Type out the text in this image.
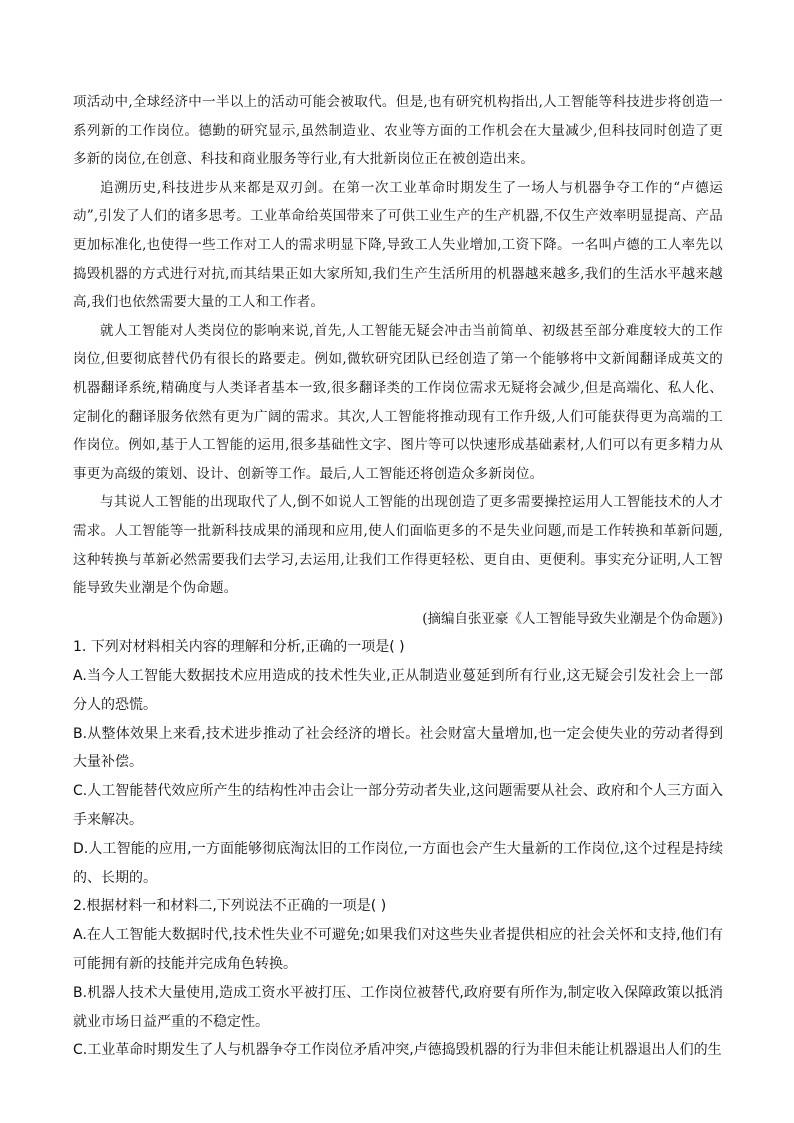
项活动中,全球经济中一半以上的活动可能会被取代。但是,也有研究机构指出,人工智能等科技进步将创造一系列新的工作岗位。德勤的研究显示,虽然制造业、农业等方面的工作机会在大量减少,但科技同时创造了更多新的岗位,在创意、科技和商业服务等行业,有大批新岗位正在被创造出来。

追溯历史,科技进步从来都是双刃剑。在第一次工业革命时期发生了一场人与机器争夺工作的“卢德运动”,引发了人们的诸多思考。工业革命给英国带来了可供工业生产的生产机器,不仅生产效率明显提高、产品更加标准化,也使得一些工作对工人的需求明显下降,导致工人失业增加,工资下降。一名叫卢德的工人率先以捣毁机器的方式进行对抗,而其结果正如大家所知,我们生产生活所用的机器越来越多,我们的生活水平越来越高,我们也依然需要大量的工人和工作者。

就人工智能对人类岗位的影响来说,首先,人工智能无疑会冲击当前简单、初级甚至部分难度较大的工作岗位,但要彻底替代仍有很长的路要走。例如,微软研究团队已经创造了第一个能够将中文新闻翻译成英文的机器翻译系统,精确度与人类译者基本一致,很多翻译类的工作岗位需求无疑将会减少,但是高端化、私人化、定制化的翻译服务依然有更为广阔的需求。其次,人工智能将推动现有工作升级,人们可能获得更为高端的工作岗位。例如,基于人工智能的运用,很多基础性文字、图片等可以快速形成基础素材,人们可以有更多精力从事更为高级的策划、设计、创新等工作。最后,人工智能还将创造众多新岗位。

与其说人工智能的出现取代了人,倒不如说人工智能的出现创造了更多需要操控运用人工智能技术的人才需求。人工智能等一批新科技成果的涌现和应用,使人们面临更多的不是失业问题,而是工作转换和革新问题,这种转换与革新必然需要我们去学习,去运用,让我们工作得更轻松、更自由、更便利。事实充分证明,人工智能导致失业潮是个伪命题。

(摘编自张亚豪《人工智能导致失业潮是个伪命题》)

1. 下列对材料相关内容的理解和分析,正确的一项是( )

A.当今人工智能大数据技术应用造成的技术性失业,正从制造业蔓延到所有行业,这无疑会引发社会上一部分人的恐慌。

B.从整体效果上来看,技术进步推动了社会经济的增长。社会财富大量增加,也一定会使失业的劳动者得到大量补偿。

C.人工智能替代效应所产生的结构性冲击会让一部分劳动者失业,这问题需要从社会、政府和个人三方面入手来解决。

D.人工智能的应用,一方面能够彻底淘汰旧的工作岗位,一方面也会产生大量新的工作岗位,这个过程是持续的、长期的。

2.根据材料一和材料二,下列说法不正确的一项是( )

A.在人工智能大数据时代,技术性失业不可避免;如果我们对这些失业者提供相应的社会关怀和支持,他们有可能拥有新的技能并完成角色转换。

B.机器人技术大量使用,造成工资水平被打压、工作岗位被替代,政府要有所作为,制定收入保障政策以抵消就业市场日益严重的不稳定性。

C.工业革命时期发生了人与机器争夺工作岗位矛盾冲突,卢德捣毁机器的行为非但未能让机器退出人们的生
